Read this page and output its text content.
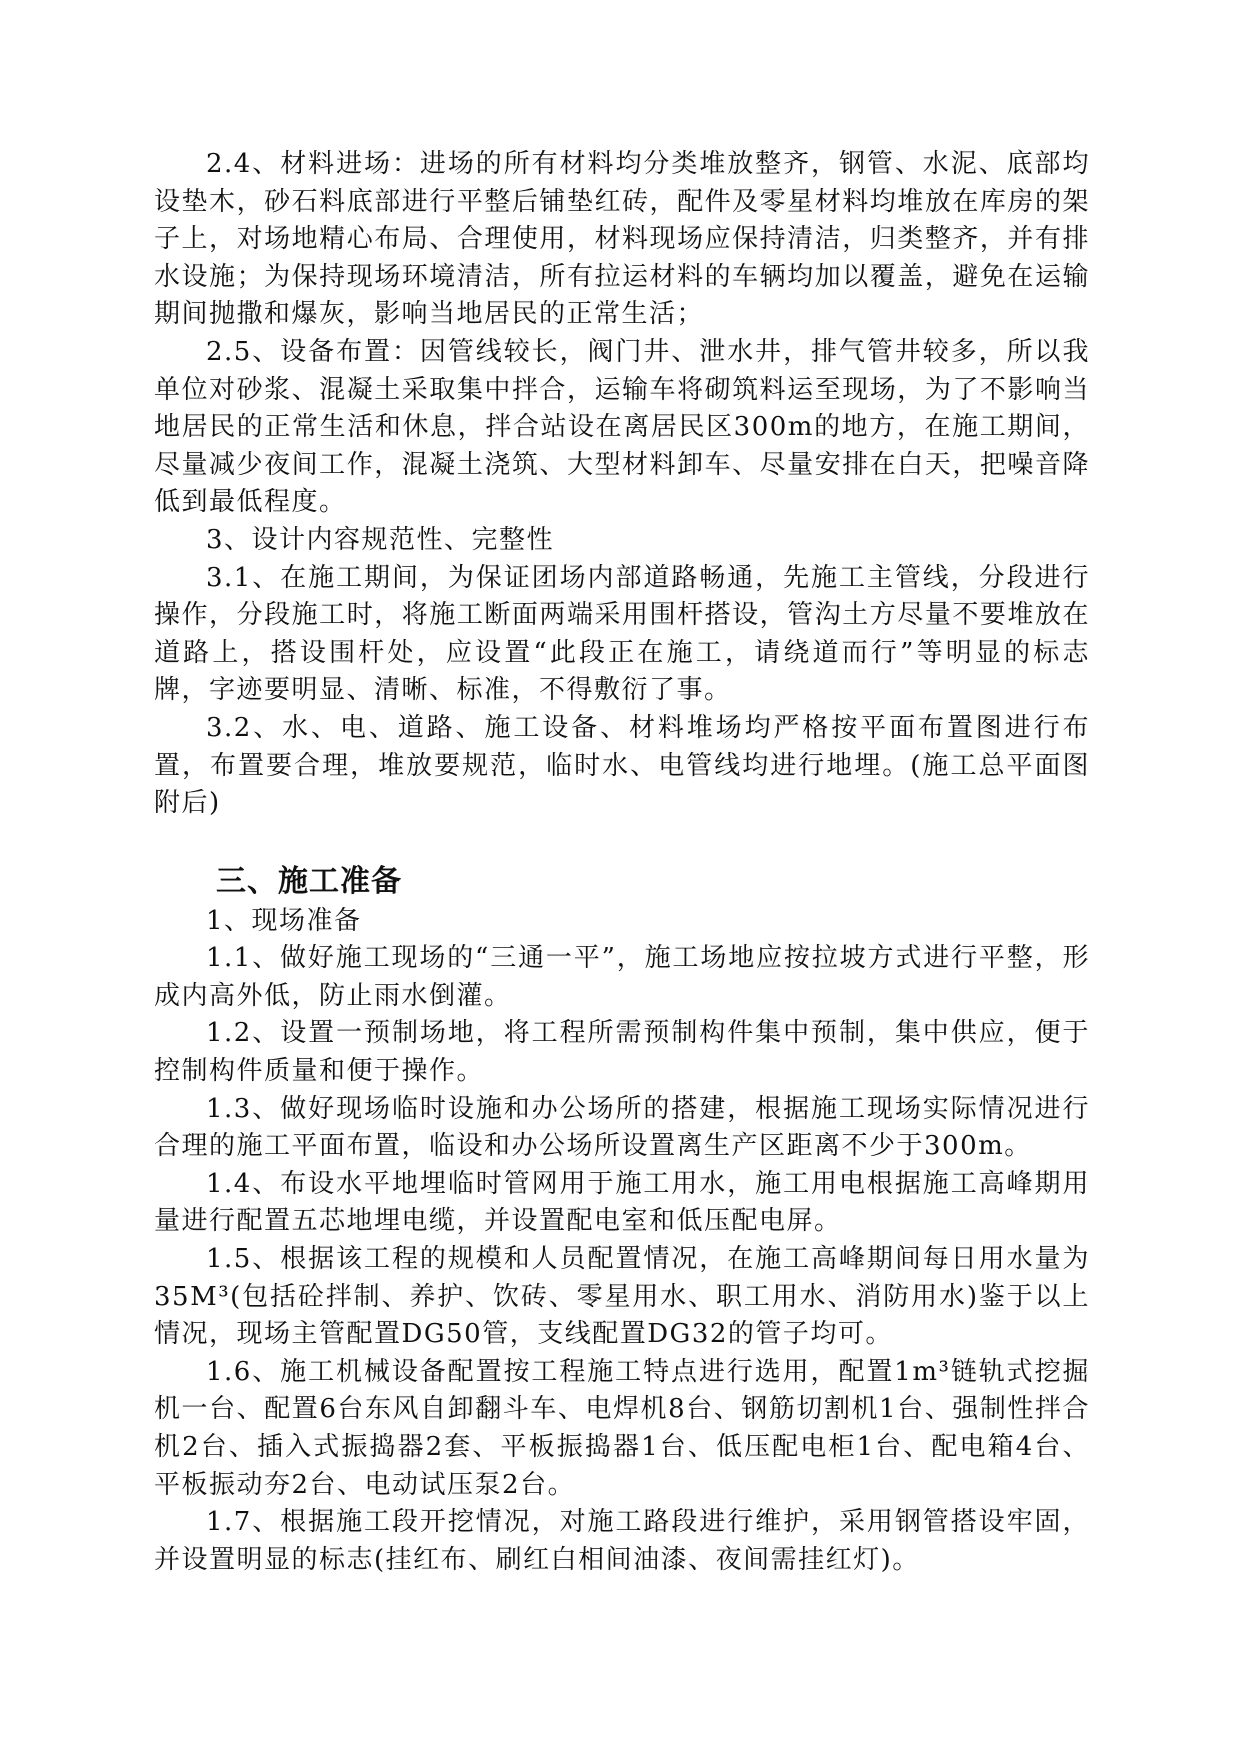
2.4、材料进场：进场的所有材料均分类堆放整齐，钢管、水泥、底部均设垫木，砂石料底部进行平整后铺垫红砖，配件及零星材料均堆放在库房的架子上，对场地精心布局、合理使用，材料现场应保持清洁，归类整齐，并有排水设施；为保持现场环境清洁，所有拉运材料的车辆均加以覆盖，避免在运输期间抛撒和爆灰，影响当地居民的正常生活；

2.5、设备布置：因管线较长，阀门井、泄水井，排气管井较多，所以我单位对砂浆、混凝土采取集中拌合，运输车将砌筑料运至现场，为了不影响当地居民的正常生活和休息，拌合站设在离居民区300m的地方，在施工期间，尽量减少夜间工作，混凝土浇筑、大型材料卸车、尽量安排在白天，把噪音降低到最低程度。

3、设计内容规范性、完整性

3.1、在施工期间，为保证团场内部道路畅通，先施工主管线，分段进行操作，分段施工时，将施工断面两端采用围杆搭设，管沟土方尽量不要堆放在道路上，搭设围杆处，应设置“此段正在施工，请绕道而行”等明显的标志牌，字迹要明显、清晰、标准，不得敷衍了事。

3.2、水、电、道路、施工设备、材料堆场均严格按平面布置图进行布置，布置要合理，堆放要规范，临时水、电管线均进行地埋。(施工总平面图附后)

三、施工准备

1、现场准备

1.1、做好施工现场的“三通一平”，施工场地应按拉坡方式进行平整，形成内高外低，防止雨水倒灌。

1.2、设置一预制场地，将工程所需预制构件集中预制，集中供应，便于控制构件质量和便于操作。

1.3、做好现场临时设施和办公场所的搭建，根据施工现场实际情况进行合理的施工平面布置，临设和办公场所设置离生产区距离不少于300m。

1.4、布设水平地埋临时管网用于施工用水，施工用电根据施工高峰期用量进行配置五芯地埋电缆，并设置配电室和低压配电屏。

1.5、根据该工程的规模和人员配置情况，在施工高峰期间每日用水量为35M³(包括砼拌制、养护、饮砖、零星用水、职工用水、消防用水)鉴于以上情况，现场主管配置DG50管，支线配置DG32的管子均可。

1.6、施工机械设备配置按工程施工特点进行选用，配置1m³链轨式挖掘机一台、配置6台东风自卸翻斗车、电焊机8台、钢筋切割机1台、强制性拌合机2台、插入式振捣器2套、平板振捣器1台、低压配电柜1台、配电箱4台、平板振动夯2台、电动试压泵2台。

1.7、根据施工段开挖情况，对施工路段进行维护，采用钢管搭设牢固，并设置明显的标志(挂红布、刷红白相间油漆、夜间需挂红灯)。
